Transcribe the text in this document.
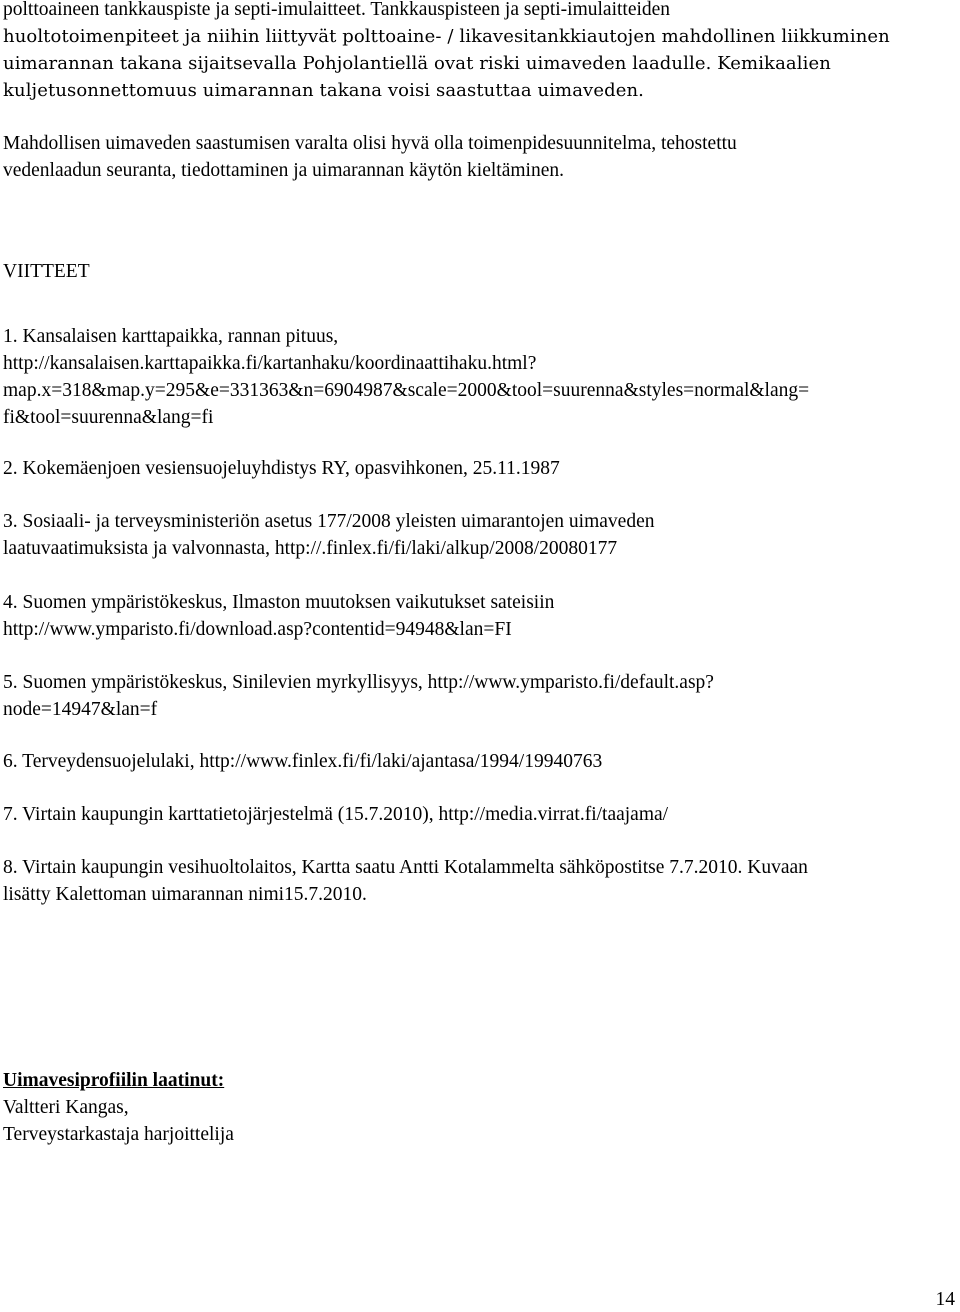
polttoaineen tankkauspiste ja septi-imulaitteet. Tankkauspisteen ja septi-imulaitteiden
huoltotoimenpiteet ja niihin liittyvät polttoaine- / likavesitankkiautojen mahdollinen liikkuminen
uimarannan takana sijaitsevalla Pohjolantiellä ovat riski uimaveden laadulle. Kemikaalien
kuljetusonnettomuus uimarannan takana voisi saastuttaa uimaveden.

Mahdollisen uimaveden saastumisen varalta olisi hyvä olla toimenpidesuunnitelma, tehostettu
vedenlaadun seuranta, tiedottaminen ja uimarannan käytön kieltäminen.

VIITTEET

1. Kansalaisen karttapaikka, rannan pituus,
http://kansalaisen.karttapaikka.fi/kartanhaku/koordinaattihaku.html?
map.x=318&map.y=295&e=331363&n=6904987&scale=2000&tool=suurenna&styles=normal&lang=
fi&tool=suurenna&lang=fi

2. Kokemäenjoen vesiensuojeluyhdistys RY, opasvihkonen, 25.11.1987

3. Sosiaali- ja terveysministeriön asetus 177/2008 yleisten uimarantojen uimaveden
laatuvaatimuksista ja valvonnasta, http://.finlex.fi/fi/laki/alkup/2008/20080177

4. Suomen ympäristökeskus, Ilmaston muutoksen vaikutukset sateisiin
http://www.ymparisto.fi/download.asp?contentid=94948&lan=FI

5. Suomen ympäristökeskus, Sinilevien myrkyllisyys, http://www.ymparisto.fi/default.asp?
node=14947&lan=f

6. Terveydensuojelulaki, http://www.finlex.fi/fi/laki/ajantasa/1994/19940763

7. Virtain kaupungin karttatietojärjestelmä (15.7.2010), http://media.virrat.fi/taajama/

8. Virtain kaupungin vesihuoltolaitos, Kartta saatu Antti Kotalammelta sähköpostitse 7.7.2010. Kuvaan
lisätty Kalettoman uimarannan nimi15.7.2010.

Uimavesiprofiilin laatinut:
Valtteri Kangas,
Terveystarkastaja harjoittelija
14
